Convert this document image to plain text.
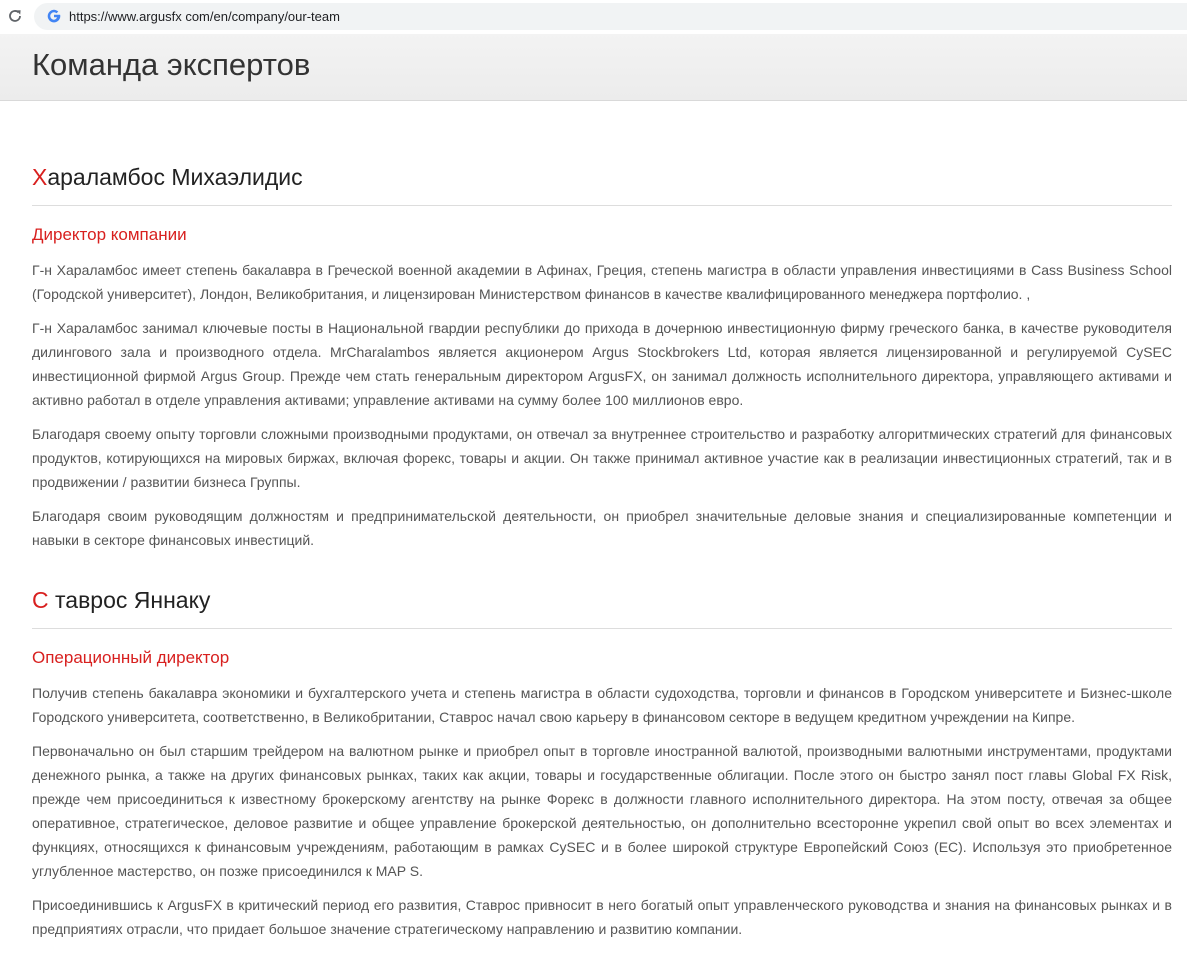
https://www.argusfx com/en/company/our-team
Команда экспертов
Хараламбос Михаэлидис
Директор компании

Г-н Хараламбос имеет степень бакалавра в Греческой военной академии в Афинах, Греция, степень магистра в области управления инвестициями в Cass Business School (Городской университет), Лондон, Великобритания, и лицензирован Министерством финансов в качестве квалифицированного менеджера портфолио. ,

Г-н Хараламбос занимал ключевые посты в Национальной гвардии республики до прихода в дочернюю инвестиционную фирму греческого банка, в качестве руководителя дилингового зала и производного отдела. MrCharalambos является акционером Argus Stockbrokers Ltd, которая является лицензированной и регулируемой CySEC инвестиционной фирмой Argus Group. Прежде чем стать генеральным директором ArgusFX, он занимал должность исполнительного директора, управляющего активами и активно работал в отделе управления активами; управление активами на сумму более 100 миллионов евро.

Благодаря своему опыту торговли сложными производными продуктами, он отвечал за внутреннее строительство и разработку алгоритмических стратегий для финансовых продуктов, котирующихся на мировых биржах, включая форекс, товары и акции. Он также принимал активное участие как в реализации инвестиционных стратегий, так и в продвижении / развитии бизнеса Группы.

Благодаря своим руководящим должностям и предпринимательской деятельности, он приобрел значительные деловые знания и специализированные компетенции и навыки в секторе финансовых инвестиций.

С таврос Яннаку
Операционный директор

Получив степень бакалавра экономики и бухгалтерского учета и степень магистра в области судоходства, торговли и финансов в Городском университете и Бизнес-школе Городского университета, соответственно, в Великобритании, Ставрос начал свою карьеру в финансовом секторе в ведущем кредитном учреждении на Кипре.

Первоначально он был старшим трейдером на валютном рынке и приобрел опыт в торговле иностранной валютой, производными валютными инструментами, продуктами денежного рынка, а также на других финансовых рынках, таких как акции, товары и государственные облигации. После этого он быстро занял пост главы Global FX Risk, прежде чем присоединиться к известному брокерскому агентству на рынке Форекс в должности главного исполнительного директора. На этом посту, отвечая за общее оперативное, стратегическое, деловое развитие и общее управление брокерской деятельностью, он дополнительно всесторонне укрепил свой опыт во всех элементах и функциях, относящихся к финансовым учреждениям, работающим в рамках CySEC и в более широкой структуре Европейский Союз (ЕС). Используя это приобретенное углубленное мастерство, он позже присоединился к MAP S.

Присоединившись к ArgusFX в критический период его развития, Ставрос привносит в него богатый опыт управленческого руководства и знания на финансовых рынках и в предприятиях отрасли, что придает большое значение стратегическому направлению и развитию компании.
